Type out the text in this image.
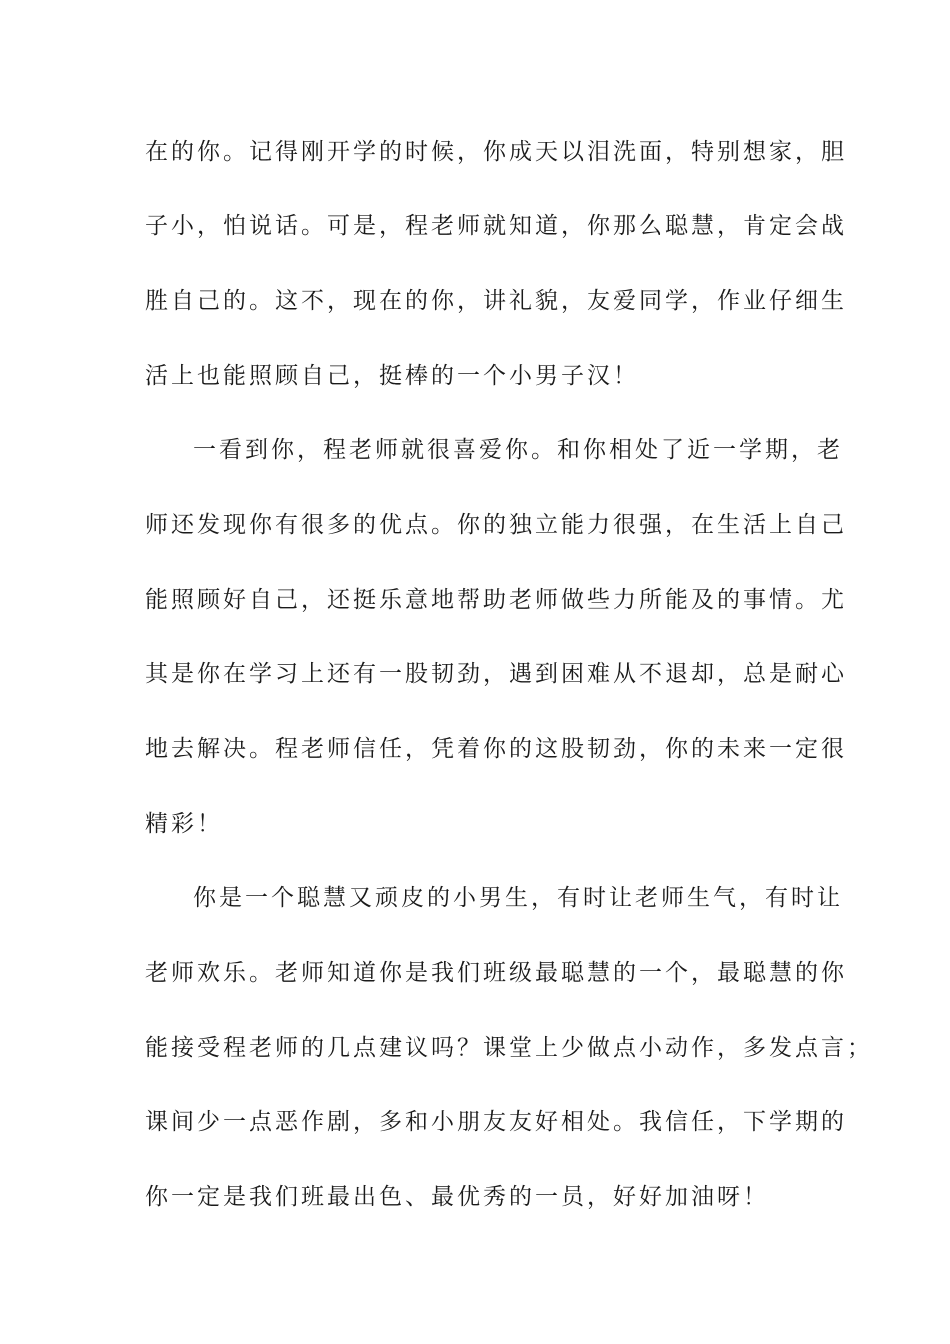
在的你。记得刚开学的时候，你成天以泪洗面，特别想家，胆
子小，怕说话。可是，程老师就知道，你那么聪慧，肯定会战
胜自己的。这不，现在的你，讲礼貌，友爱同学，作业仔细生
活上也能照顾自己，挺棒的一个小男子汉！
一看到你，程老师就很喜爱你。和你相处了近一学期，老
师还发现你有很多的优点。你的独立能力很强，在生活上自己
能照顾好自己，还挺乐意地帮助老师做些力所能及的事情。尤
其是你在学习上还有一股韧劲，遇到困难从不退却，总是耐心
地去解决。程老师信任，凭着你的这股韧劲，你的未来一定很
精彩！
你是一个聪慧又顽皮的小男生，有时让老师生气，有时让
老师欢乐。老师知道你是我们班级最聪慧的一个，最聪慧的你
能接受程老师的几点建议吗？课堂上少做点小动作，多发点言；
课间少一点恶作剧，多和小朋友友好相处。我信任，下学期的
你一定是我们班最出色、最优秀的一员，好好加油呀！
